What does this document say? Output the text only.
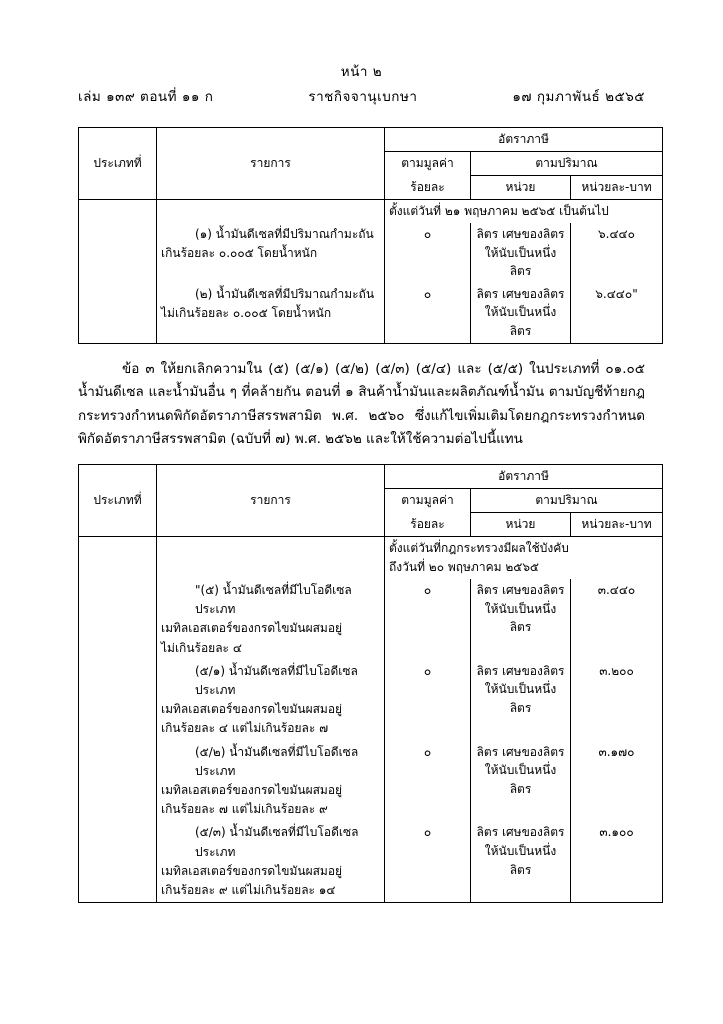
หน้า ๒
เล่ม ๑๓๙ ตอนที่ ๑๑ ก	ราชกิจจานุเบกษา	๑๗ กุมภาพันธ์ ๒๕๖๕
ประเภทที่	รายการ	อัตราภาษี		
		ตามมูลค่า	ตามปริมาณ	
		ร้อยละ	หน่วย	หน่วยละ-บาท
		ตั้งแต่วันที่ ๒๑ พฤษภาคม ๒๕๖๕ เป็นต้นไป		

(๑) น้ำมันดีเซลที่มีปริมาณกำมะถัน
เกินร้อยละ ๐.๐๐๕ โดยน้ำหนัก
	๐	ลิตร เศษของลิตร
ให้นับเป็นหนึ่งลิตร
	๖.๔๔๐

(๒) น้ำมันดีเซลที่มีปริมาณกำมะถัน
ไม่เกินร้อยละ ๐.๐๐๕ โดยน้ำหนัก
	๐	ลิตร เศษของลิตร
ให้นับเป็นหนึ่งลิตร
	๖.๔๔๐"

ข้อ ๓ ให้ยกเลิกความใน (๕) (๕/๑) (๕/๒) (๕/๓) (๕/๔) และ (๕/๕) ในประเภทที่ ๐๑.๐๕ น้ำมันดีเซล และน้ำมันอื่น ๆ ที่คล้ายกัน ตอนที่ ๑ สินค้าน้ำมันและผลิตภัณฑ์น้ำมัน ตามบัญชีท้ายกฎกระทรวงกำหนดพิกัดอัตราภาษีสรรพสามิต พ.ศ. ๒๕๖๐ ซึ่งแก้ไขเพิ่มเติมโดยกฎกระทรวงกำหนดพิกัดอัตราภาษีสรรพสามิต (ฉบับที่ ๗) พ.ศ. ๒๕๖๒ และให้ใช้ความต่อไปนี้แทน

ประเภทที่	รายการ	อัตราภาษี		
		ตามมูลค่า	ตามปริมาณ	
		ร้อยละ	หน่วย	หน่วยละ-บาท

		ตั้งแต่วันที่กฎกระทรวงมีผลใช้บังคับ
ถึงวันที่ ๒๐ พฤษภาคม ๒๕๖๕		

"(๕) น้ำมันดีเซลที่มีไบโอดีเซลประเภท
เมทิลเอสเตอร์ของกรดไขมันผสมอยู่
ไม่เกินร้อยละ ๔
	๐	ลิตร เศษของลิตร
ให้นับเป็นหนึ่งลิตร
	๓.๔๔๐

(๕/๑) น้ำมันดีเซลที่มีไบโอดีเซลประเภท
เมทิลเอสเตอร์ของกรดไขมันผสมอยู่
เกินร้อยละ ๔ แต่ไม่เกินร้อยละ ๗
	๐	ลิตร เศษของลิตร
ให้นับเป็นหนึ่งลิตร
	๓.๒๐๐

(๕/๒) น้ำมันดีเซลที่มีไบโอดีเซลประเภท
เมทิลเอสเตอร์ของกรดไขมันผสมอยู่
เกินร้อยละ ๗ แต่ไม่เกินร้อยละ ๙
	๐	ลิตร เศษของลิตร
ให้นับเป็นหนึ่งลิตร
	๓.๑๗๐

(๕/๓) น้ำมันดีเซลที่มีไบโอดีเซลประเภท
เมทิลเอสเตอร์ของกรดไขมันผสมอยู่
เกินร้อยละ ๙ แต่ไม่เกินร้อยละ ๑๔
	๐	ลิตร เศษของลิตร
ให้นับเป็นหนึ่งลิตร
	๓.๑๐๐
